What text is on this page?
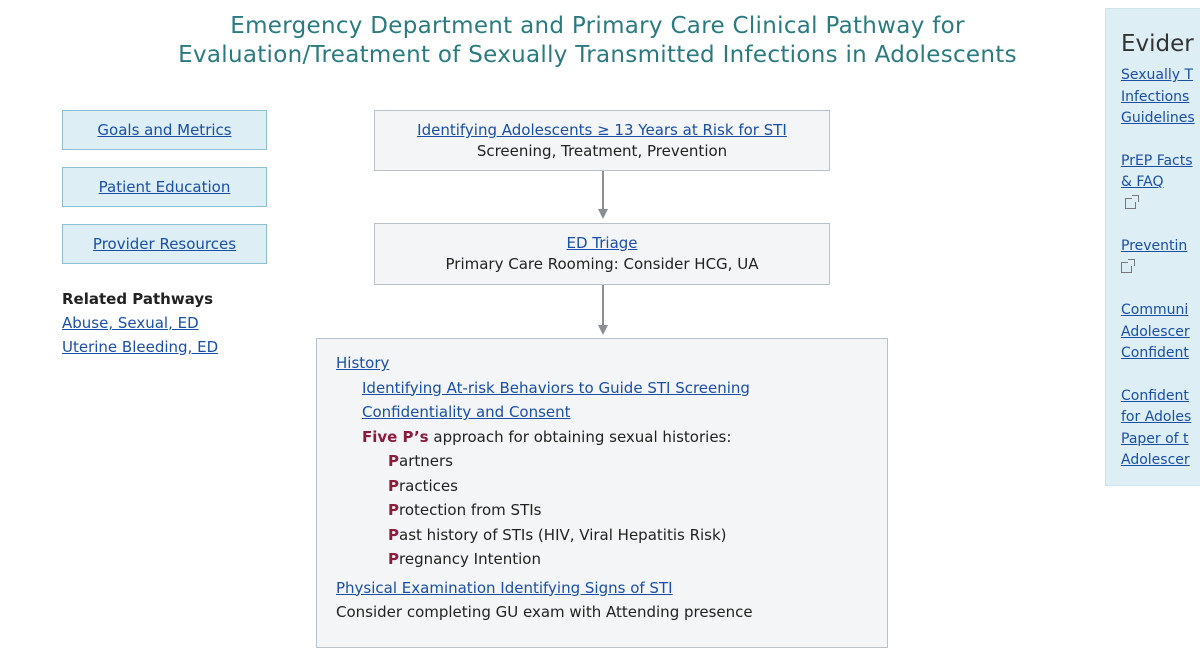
Emergency Department and Primary Care Clinical Pathway for
Evaluation/Treatment of Sexually Transmitted Infections in Adolescents
Goals and Metrics
Patient Education
Provider Resources
Related Pathways
Abuse, Sexual, ED
Uterine Bleeding, ED
Identifying Adolescents ≥ 13 Years at Risk for STI
Screening, Treatment, Prevention
ED Triage
Primary Care Rooming: Consider HCG, UA
History
Identifying At-risk Behaviors to Guide STI Screening
Confidentiality and Consent
Five P’s approach for obtaining sexual histories:
Partners
Practices
Protection from STIs
Past history of STIs (HIV, Viral Hepatitis Risk)
Pregnancy Intention
Physical Examination Identifying Signs of STI
Consider completing GU exam with Attending presence
Evider
Sexually T
Infections
Guidelines
PrEP Facts
& FAQ
Preventin
Communi
Adolescer
Confident
Confident
for Adoles
Paper of t
Adolescer
